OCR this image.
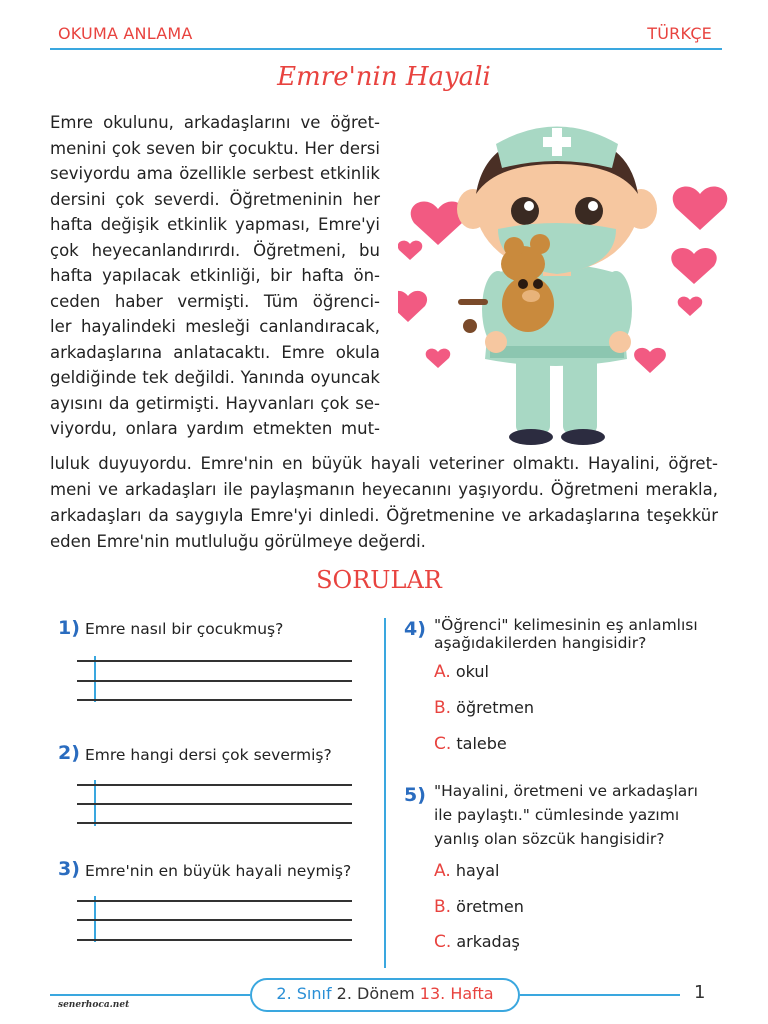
OKUMA ANLAMA	TÜRKÇE
Emre'nin Hayali
Emre okulunu, arkadaşlarını ve öğret-
menini çok seven bir çocuktu. Her dersi
seviyordu ama özellikle serbest etkinlik
dersini çok severdi. Öğretmeninin her
hafta değişik etkinlik yapması, Emre'yi
çok heyecanlandırırdı. Öğretmeni, bu
hafta yapılacak etkinliği, bir hafta ön-
ceden haber vermişti. Tüm öğrenci-
ler hayalindeki mesleği canlandıracak,
arkadaşlarına anlatacaktı. Emre okula
geldiğinde tek değildi. Yanında oyuncak
ayısını da getirmişti. Hayvanları çok se-
viyordu, onlara yardım etmekten mut-
luluk duyuyordu. Emre'nin en büyük hayali veteriner olmaktı. Hayalini, öğret-
meni ve arkadaşları ile paylaşmanın heyecanını yaşıyordu. Öğretmeni merakla,
arkadaşları da saygıyla Emre'yi dinledi. Öğretmenine ve arkadaşlarına teşekkür
eden Emre'nin mutluluğu görülmeye değerdi.
SORULAR
1) Emre nasıl bir çocukmuş?
2) Emre hangi dersi çok severmiş?
3) Emre'nin en büyük hayali neymiş?
4) "Öğrenci" kelimesinin eş anlamlısı
aşağıdakilerden hangisidir?
A. okul
B. öğretmen
C. talebe
5) "Hayalini, öretmeni ve arkadaşları
ile paylaştı." cümlesinde yazımı
yanlış olan sözcük hangisidir?
A. hayal
B. öretmen
C. arkadaş
2. Sınıf 2. Dönem 13. Hafta	1
senerhoca.net
